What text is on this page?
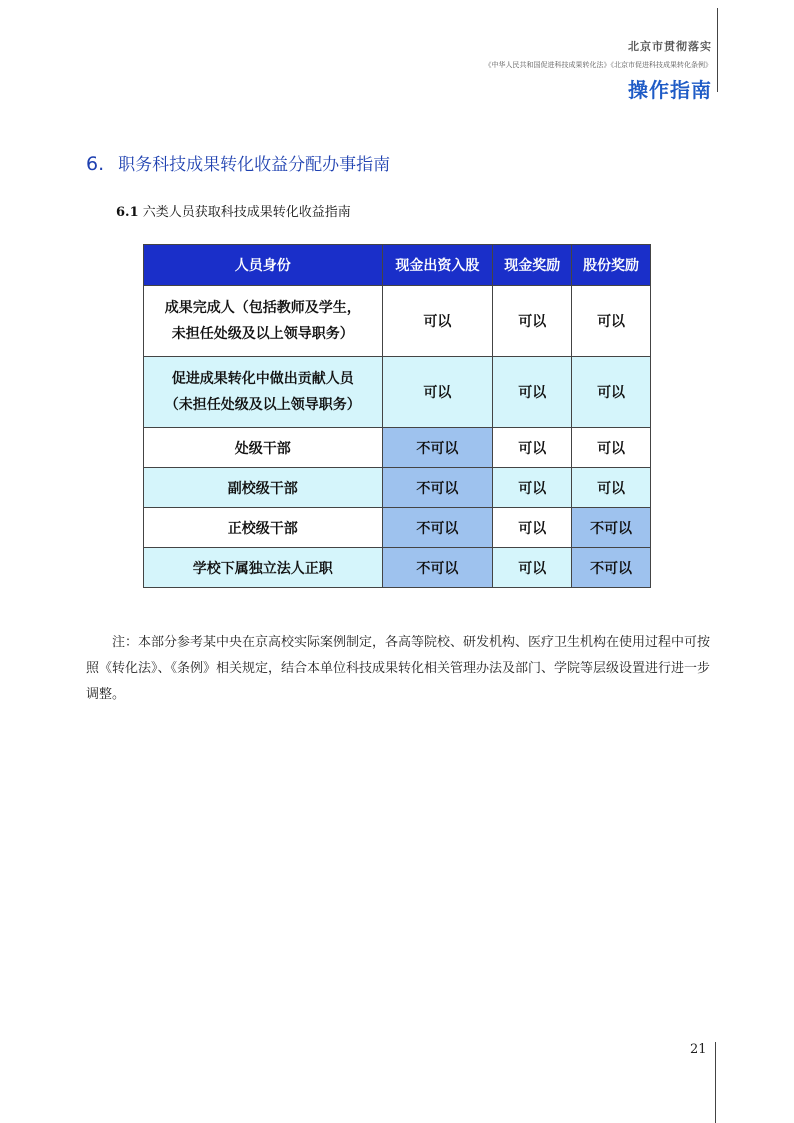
北京市贯彻落实
《中华人民共和国促进科技成果转化法》《北京市促进科技成果转化条例》
操作指南
6. 职务科技成果转化收益分配办事指南
6.1 六类人员获取科技成果转化收益指南
人员身份	现金出资入股	现金奖励	股份奖励
成果完成人（包括教师及学生，
未担任处级及以上领导职务）	可以	可以	可以
促进成果转化中做出贡献人员
（未担任处级及以上领导职务）	可以	可以	可以
处级干部	不可以	可以	可以
副校级干部	不可以	可以	可以
正校级干部	不可以	可以	不可以
学校下属独立法人正职	不可以	可以	不可以

注：本部分参考某中央在京高校实际案例制定，各高等院校、研发机构、医疗卫生机构在使用过程中可按照《转化法》、《条例》相关规定，结合本单位科技成果转化相关管理办法及部门、学院等层级设置进行进一步调整。

21
